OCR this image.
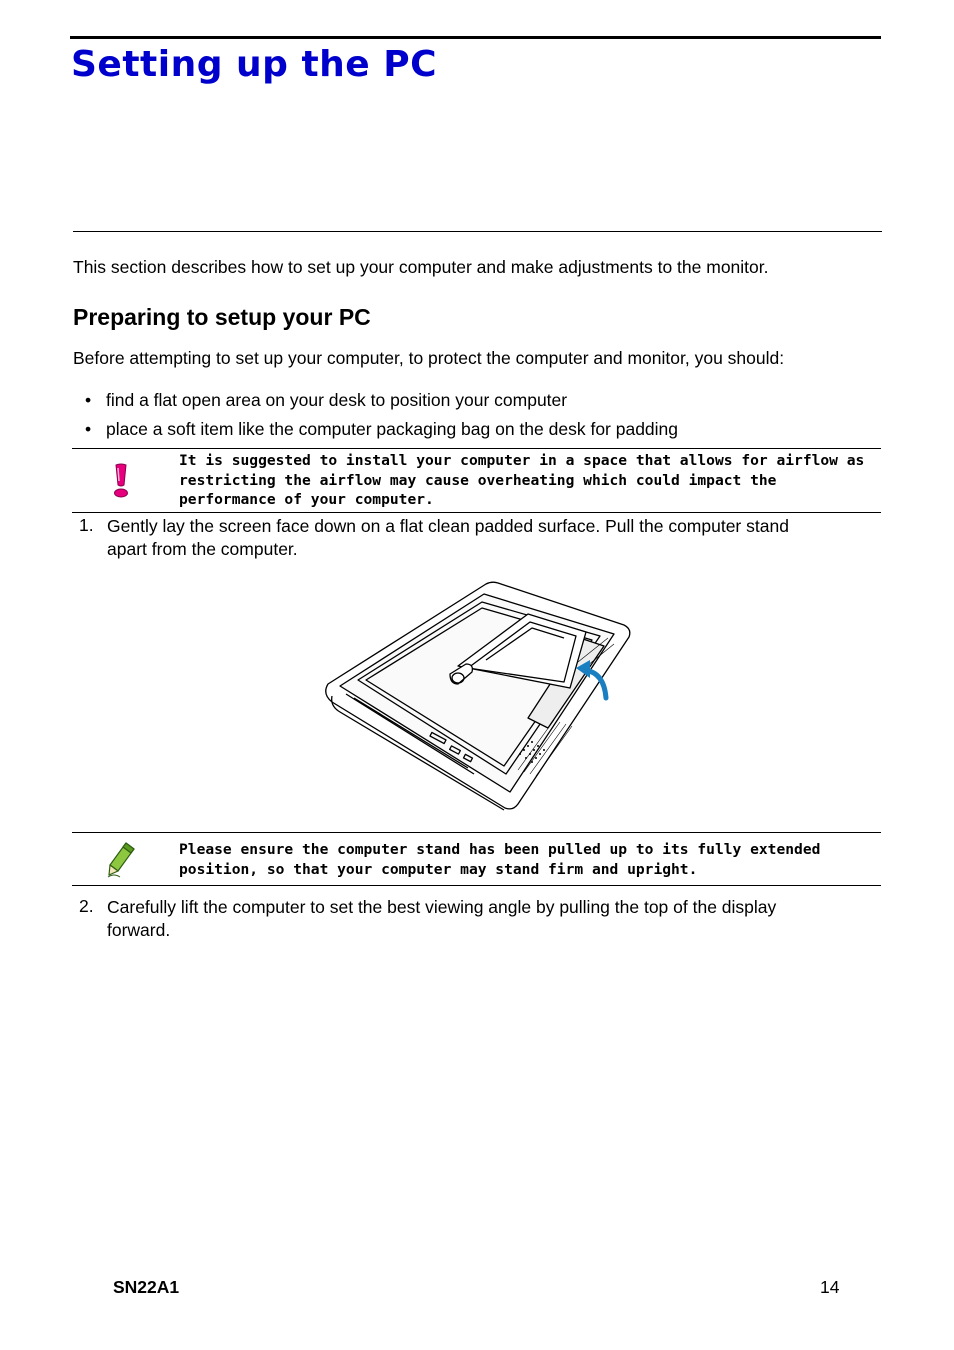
Setting up the PC
This section describes how to set up your computer and make adjustments to the monitor.
Preparing to setup your PC
Before attempting to set up your computer, to protect the computer and monitor, you should:
• find a flat open area on your desk to position your computer
• place a soft item like the computer packaging bag on the desk for padding
It is suggested to install your computer in a space that allows for airflow as
restricting the airflow may cause overheating which could impact the
performance of your computer.
1. Gently lay the screen face down on a flat clean padded surface. Pull the computer stand
apart from the computer.
Please ensure the computer stand has been pulled up to its fully extended
position, so that your computer may stand firm and upright.
2. Carefully lift the computer to set the best viewing angle by pulling the top of the display
forward.
SN22A1	14
